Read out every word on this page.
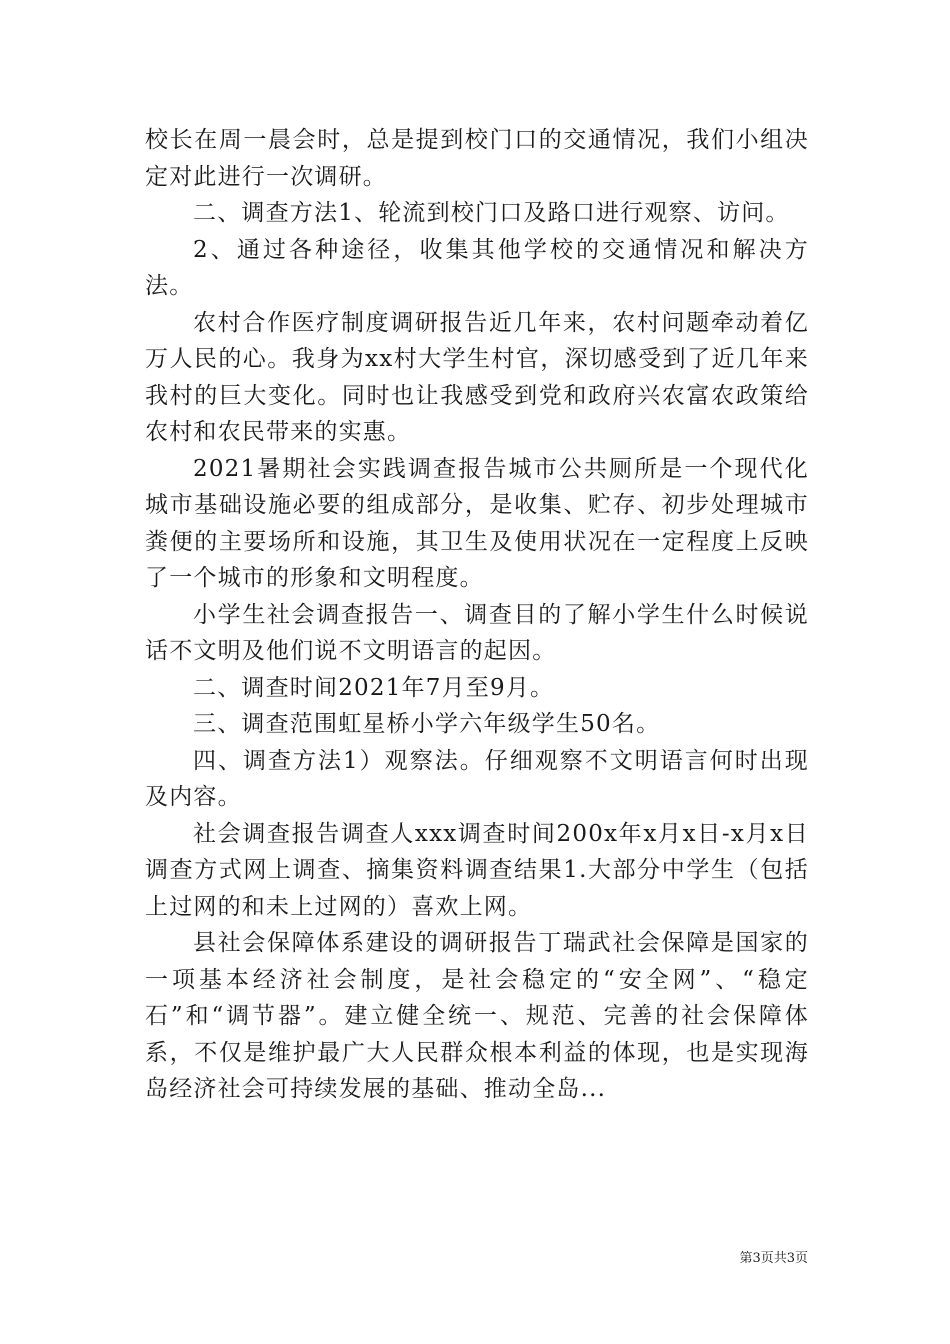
校长在周一晨会时，总是提到校门口的交通情况，我们小组决定对此进行一次调研。

二、调查方法1、轮流到校门口及路口进行观察、访问。

2、通过各种途径，收集其他学校的交通情况和解决方法。

农村合作医疗制度调研报告近几年来，农村问题牵动着亿万人民的心。我身为xx村大学生村官，深切感受到了近几年来我村的巨大变化。同时也让我感受到党和政府兴农富农政策给农村和农民带来的实惠。

2021暑期社会实践调查报告城市公共厕所是一个现代化城市基础设施必要的组成部分，是收集、贮存、初步处理城市粪便的主要场所和设施，其卫生及使用状况在一定程度上反映了一个城市的形象和文明程度。

小学生社会调查报告一、调查目的了解小学生什么时候说话不文明及他们说不文明语言的起因。

二、调查时间2021年7月至9月。

三、调查范围虹星桥小学六年级学生50名。

四、调查方法1）观察法。仔细观察不文明语言何时出现及内容。

社会调查报告调查人xxx调查时间200x年x月x日-x月x日调查方式网上调查、摘集资料调查结果1.大部分中学生（包括上过网的和未上过网的）喜欢上网。

县社会保障体系建设的调研报告丁瑞武社会保障是国家的一项基本经济社会制度，是社会稳定的“安全网”、“稳定石”和“调节器”。建立健全统一、规范、完善的社会保障体系，不仅是维护最广大人民群众根本利益的体现，也是实现海岛经济社会可持续发展的基础、推动全岛...

第3页共3页
